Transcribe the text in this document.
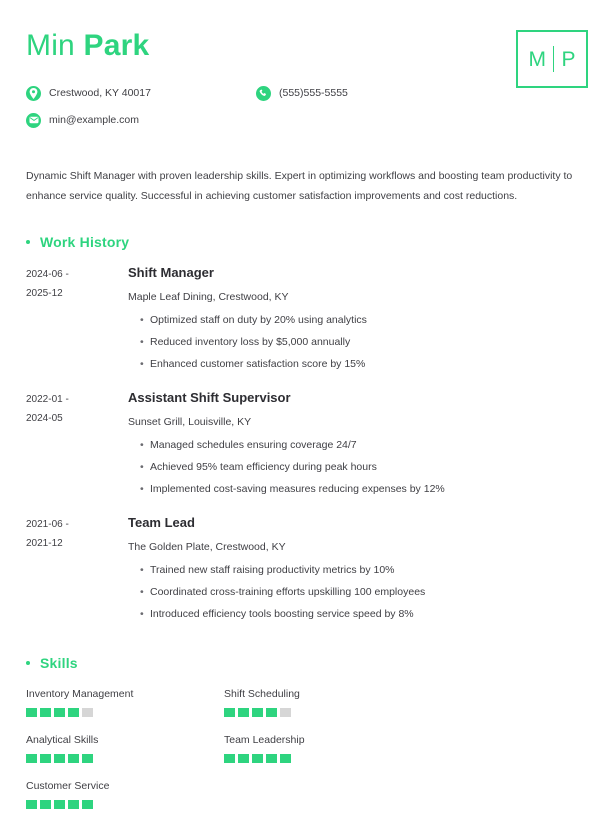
Min Park
Crestwood, KY 40017	(555)555-5555
min@example.com
M P
Dynamic Shift Manager with proven leadership skills. Expert in optimizing workflows and boosting team productivity to enhance service quality. Successful in achieving customer satisfaction improvements and cost reductions.
Work History
2024-06 -
2025-12
Shift Manager
Maple Leaf Dining, Crestwood, KY
• Optimized staff on duty by 20% using analytics
• Reduced inventory loss by $5,000 annually
• Enhanced customer satisfaction score by 15%
2022-01 -
2024-05
Assistant Shift Supervisor
Sunset Grill, Louisville, KY
• Managed schedules ensuring coverage 24/7
• Achieved 95% team efficiency during peak hours
• Implemented cost-saving measures reducing expenses by 12%
2021-06 -
2021-12
Team Lead
The Golden Plate, Crestwood, KY
• Trained new staff raising productivity metrics by 10%
• Coordinated cross-training efforts upskilling 100 employees
• Introduced efficiency tools boosting service speed by 8%
Skills
Inventory Management
Analytical Skills
Shift Scheduling
Team Leadership
Customer Service
